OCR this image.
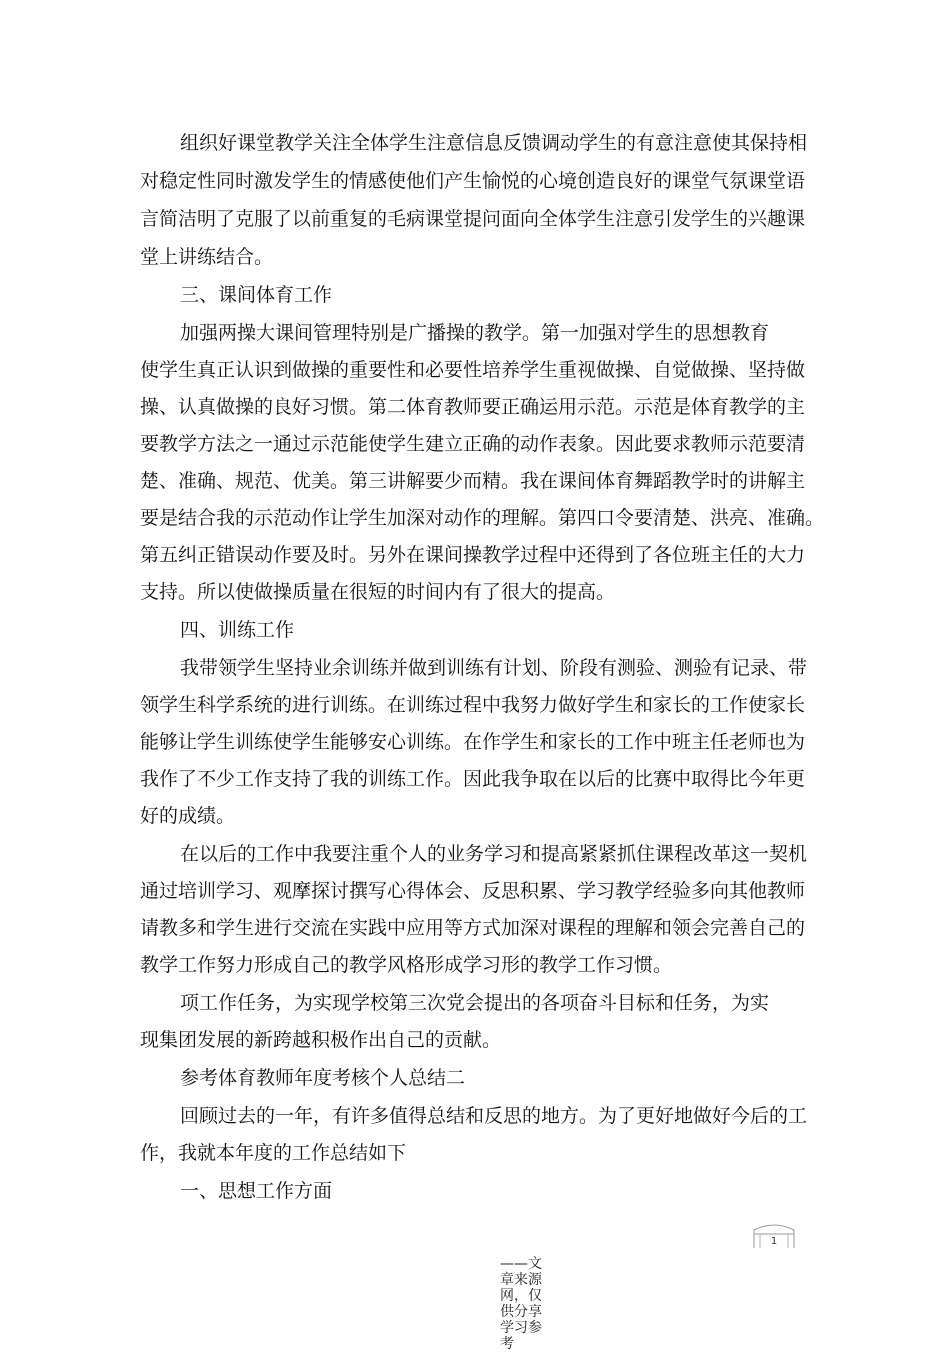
组织好课堂教学关注全体学生注意信息反馈调动学生的有意注意使其保持相
对稳定性同时激发学生的情感使他们产生愉悦的心境创造良好的课堂气氛课堂语
言简洁明了克服了以前重复的毛病课堂提问面向全体学生注意引发学生的兴趣课
堂上讲练结合。
三、课间体育工作
加强两操大课间管理特别是广播操的教学。第一加强对学生的思想教育
使学生真正认识到做操的重要性和必要性培养学生重视做操、自觉做操、坚持做
操、认真做操的良好习惯。第二体育教师要正确运用示范。示范是体育教学的主
要教学方法之一通过示范能使学生建立正确的动作表象。因此要求教师示范要清
楚、准确、规范、优美。第三讲解要少而精。我在课间体育舞蹈教学时的讲解主
要是结合我的示范动作让学生加深对动作的理解。第四口令要清楚、洪亮、准确。
第五纠正错误动作要及时。另外在课间操教学过程中还得到了各位班主任的大力
支持。所以使做操质量在很短的时间内有了很大的提高。
四、训练工作
我带领学生坚持业余训练并做到训练有计划、阶段有测验、测验有记录、带
领学生科学系统的进行训练。在训练过程中我努力做好学生和家长的工作使家长
能够让学生训练使学生能够安心训练。在作学生和家长的工作中班主任老师也为
我作了不少工作支持了我的训练工作。因此我争取在以后的比赛中取得比今年更
好的成绩。
在以后的工作中我要注重个人的业务学习和提高紧紧抓住课程改革这一契机
通过培训学习、观摩探讨撰写心得体会、反思积累、学习教学经验多向其他教师
请教多和学生进行交流在实践中应用等方式加深对课程的理解和领会完善自己的
教学工作努力形成自己的教学风格形成学习形的教学工作习惯。
项工作任务，为实现学校第三次党会提出的各项奋斗目标和任务，为实
现集团发展的新跨越积极作出自己的贡献。
参考体育教师年度考核个人总结二
回顾过去的一年，有许多值得总结和反思的地方。为了更好地做好今后的工
作，我就本年度的工作总结如下
一、思想工作方面
1
——文章来源网，仅供分享学习参考
